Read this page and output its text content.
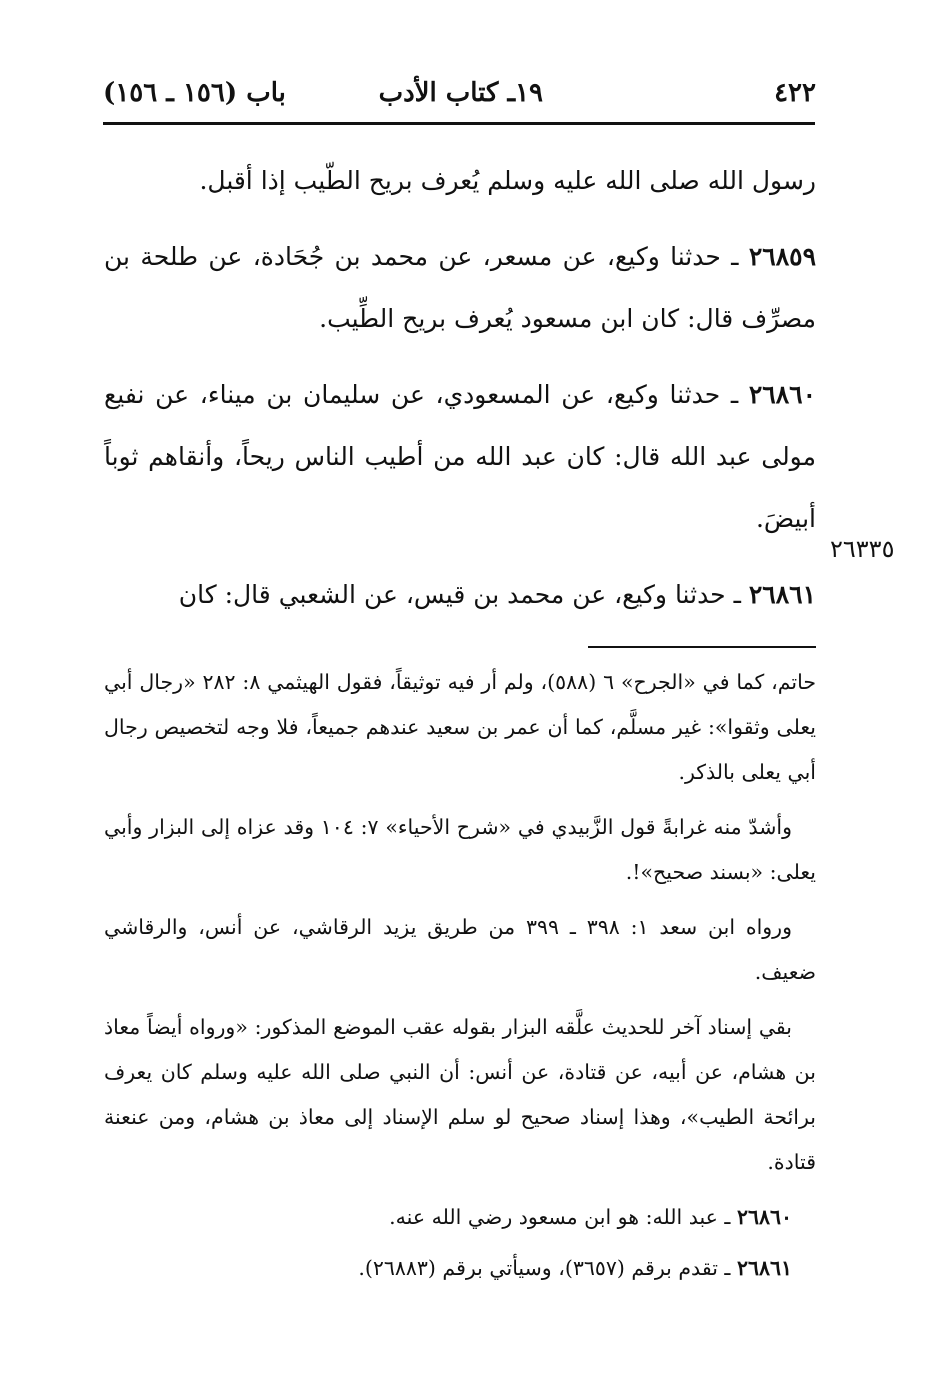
٤٢٢
١٩ـ كتاب الأدب
باب (١٥٦ ـ ١٥٦)

رسول الله صلى الله عليه وسلم يُعرف بريح الطّيب إذا أقبل.

٢٦٨٥٩ ـ حدثنا وكيع، عن مسعر، عن محمد بن جُحَادة، عن طلحة بن مصرِّف قال: كان ابن مسعود يُعرف بريح الطِّيب.

٢٦٨٦٠ ـ حدثنا وكيع، عن المسعودي، عن سليمان بن ميناء، عن نفيع مولى عبد الله قال: كان عبد الله من أطيب الناس ريحاً، وأنقاهم ثوباً أبيضَ.

٢٦٨٦١ ـ حدثنا وكيع، عن محمد بن قيس، عن الشعبي قال: كان

٢٦٣٣٥

حاتم، كما في «الجرح» ٦ (٥٨٨)، ولم أر فيه توثيقاً، فقول الهيثمي ٨: ٢٨٢ «رجال أبي يعلى وثقوا»: غير مسلَّم، كما أن عمر بن سعيد عندهم جميعاً، فلا وجه لتخصيص رجال أبي يعلى بالذكر.

وأشدّ منه غرابةً قول الزَّبيدي في «شرح الأحياء» ٧: ١٠٤ وقد عزاه إلى البزار وأبي يعلى: «بسند صحيح»!.

ورواه ابن سعد ١: ٣٩٨ ـ ٣٩٩ من طريق يزيد الرقاشي، عن أنس، والرقاشي ضعيف.

بقي إسناد آخر للحديث علَّقه البزار بقوله عقب الموضع المذكور: «ورواه أيضاً معاذ بن هشام، عن أبيه، عن قتادة، عن أنس: أن النبي صلى الله عليه وسلم كان يعرف برائحة الطيب»، وهذا إسناد صحيح لو سلم الإسناد إلى معاذ بن هشام، ومن عنعنة قتادة.

٢٦٨٦٠ ـ عبد الله: هو ابن مسعود رضي الله عنه.

٢٦٨٦١ ـ تقدم برقم (٣٦٥٧)، وسيأتي برقم (٢٦٨٨٣).
